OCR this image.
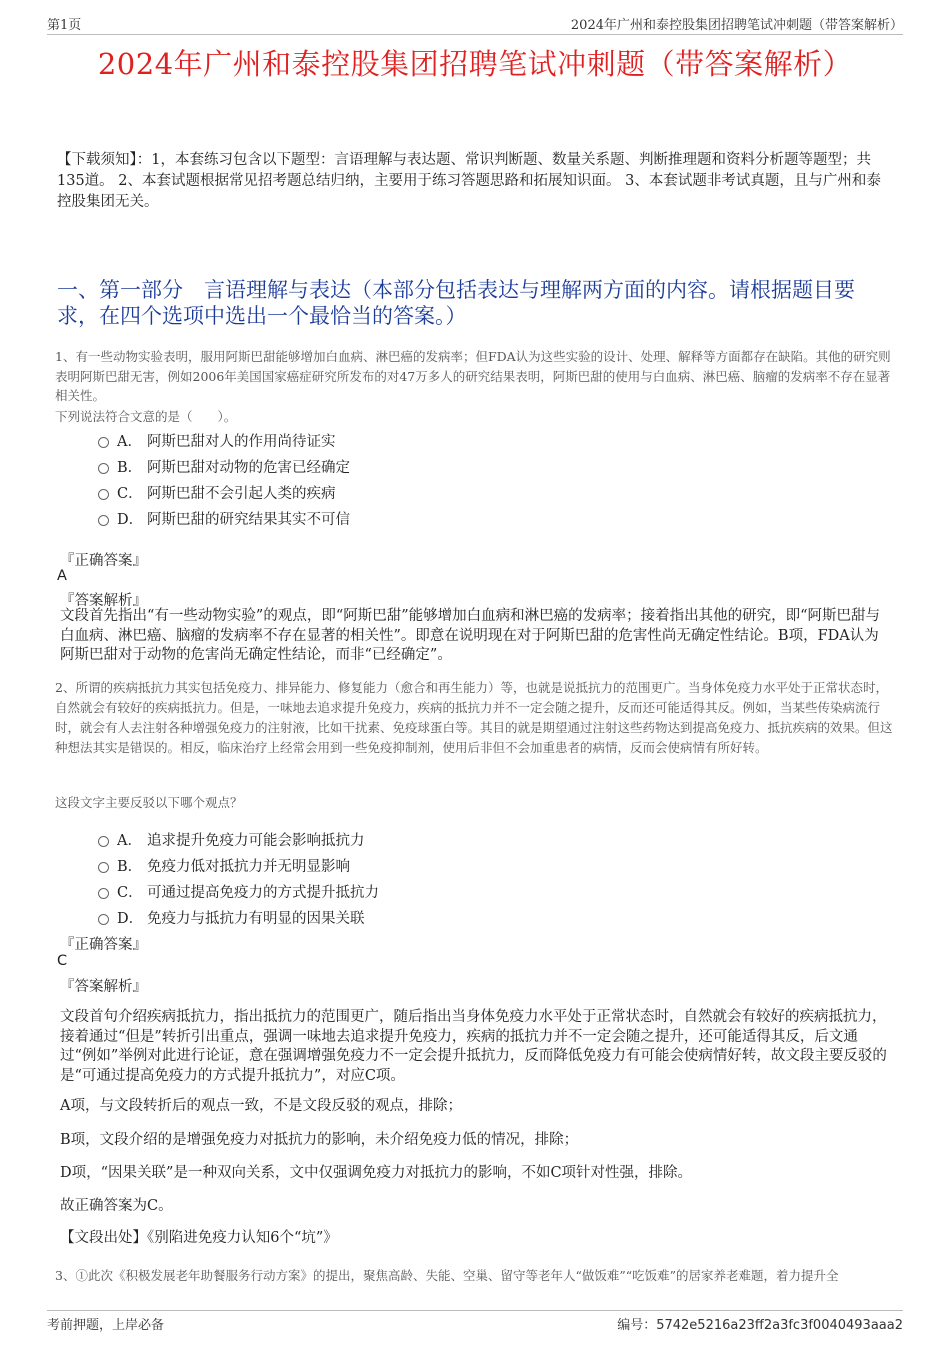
第1页	2024年广州和泰控股集团招聘笔试冲刺题（带答案解析）
2024年广州和泰控股集团招聘笔试冲刺题（带答案解析）
【下载须知】：1，本套练习包含以下题型：言语理解与表达题、常识判断题、数量关系题、判断推理题和资料分析题等题型；共135道。 2、本套试题根据常见招考题总结归纳，主要用于练习答题思路和拓展知识面。 3、本套试题非考试真题，且与广州和泰控股集团无关。
一、第一部分　言语理解与表达（本部分包括表达与理解两方面的内容。请根据题目要求，在四个选项中选出一个最恰当的答案。）
1、有一些动物实验表明，服用阿斯巴甜能够增加白血病、淋巴癌的发病率；但FDA认为这些实验的设计、处理、解释等方面都存在缺陷。其他的研究则表明阿斯巴甜无害，例如2006年美国国家癌症研究所发布的对47万多人的研究结果表明，阿斯巴甜的使用与白血病、淋巴癌、脑瘤的发病率不存在显著相关性。
下列说法符合文意的是（　　）。
A． 阿斯巴甜对人的作用尚待证实
B． 阿斯巴甜对动物的危害已经确定
C． 阿斯巴甜不会引起人类的疾病
D． 阿斯巴甜的研究结果其实不可信
『正确答案』
A
『答案解析』
文段首先指出“有一些动物实验”的观点，即“阿斯巴甜”能够增加白血病和淋巴癌的发病率；接着指出其他的研究，即“阿斯巴甜与白血病、淋巴癌、脑瘤的发病率不存在显著的相关性”。即意在说明现在对于阿斯巴甜的危害性尚无确定性结论。B项，FDA认为阿斯巴甜对于动物的危害尚无确定性结论，而非“已经确定”。
2、所谓的疾病抵抗力其实包括免疫力、排异能力、修复能力（愈合和再生能力）等，也就是说抵抗力的范围更广。当身体免疫力水平处于正常状态时，自然就会有较好的疾病抵抗力。但是，一味地去追求提升免疫力，疾病的抵抗力并不一定会随之提升，反而还可能适得其反。例如，当某些传染病流行时，就会有人去注射各种增强免疫力的注射液，比如干扰素、免疫球蛋白等。其目的就是期望通过注射这些药物达到提高免疫力、抵抗疾病的效果。但这种想法其实是错误的。相反，临床治疗上经常会用到一些免疫抑制剂，使用后非但不会加重患者的病情，反而会使病情有所好转。
这段文字主要反驳以下哪个观点？
A． 追求提升免疫力可能会影响抵抗力
B． 免疫力低对抵抗力并无明显影响
C． 可通过提高免疫力的方式提升抵抗力
D． 免疫力与抵抗力有明显的因果关联
『正确答案』
C
『答案解析』
文段首句介绍疾病抵抗力，指出抵抗力的范围更广，随后指出当身体免疫力水平处于正常状态时，自然就会有较好的疾病抵抗力，接着通过“但是”转折引出重点，强调一味地去追求提升免疫力，疾病的抵抗力并不一定会随之提升，还可能适得其反，后文通过“例如”举例对此进行论证，意在强调增强免疫力不一定会提升抵抗力，反而降低免疫力有可能会使病情好转，故文段主要反驳的是“可通过提高免疫力的方式提升抵抗力”，对应C项。
A项，与文段转折后的观点一致，不是文段反驳的观点，排除；
B项，文段介绍的是增强免疫力对抵抗力的影响，未介绍免疫力低的情况，排除；
D项，“因果关联”是一种双向关系，文中仅强调免疫力对抵抗力的影响，不如C项针对性强，排除。
故正确答案为C。
【文段出处】《别陷进免疫力认知6个“坑”》
3、①此次《积极发展老年助餐服务行动方案》的提出，聚焦高龄、失能、空巢、留守等老年人“做饭难”“吃饭难”的居家养老难题，着力提升全
考前押题，上岸必备	编号：5742e5216a23ff2a3fc3f0040493aaa2
